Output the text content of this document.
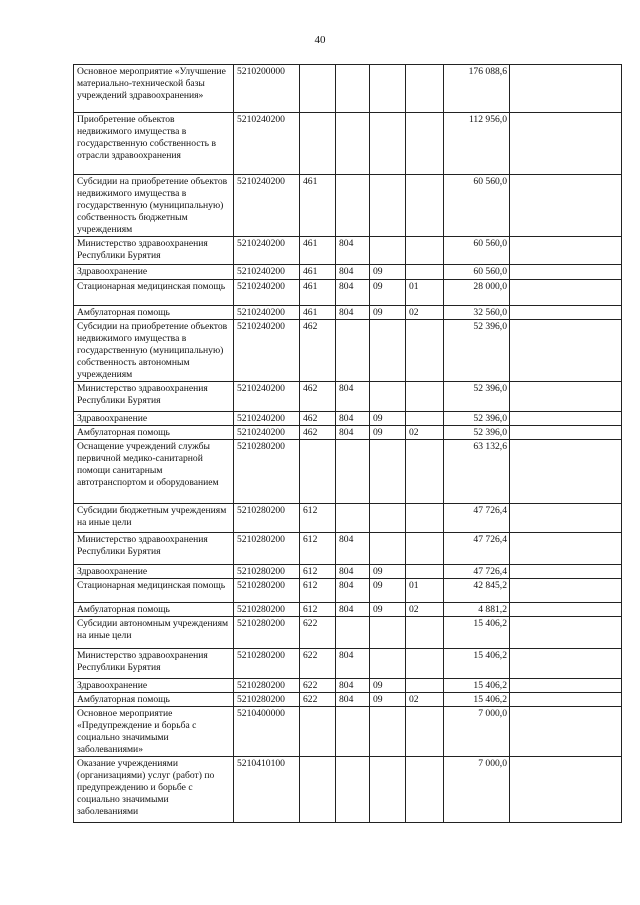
40
Основное мероприятие «Улучшение материально-технической базы учреждений здравоохранения»	5210200000					176 088,6	
Приобретение объектов недвижимого имущества в государственную собственность в отрасли здравоохранения	5210240200					112 956,0	
Субсидии на приобретение объектов недвижимого имущества в государственную (муниципальную) собственность бюджетным учреждениям	5210240200	461				60 560,0	
Министерство здравоохранения Республики Бурятия	5210240200	461	804			60 560,0	
Здравоохранение	5210240200	461	804	09		60 560,0	
Стационарная медицинская помощь	5210240200	461	804	09	01	28 000,0	
Амбулаторная помощь	5210240200	461	804	09	02	32 560,0	
Субсидии на приобретение объектов недвижимого имущества в государственную (муниципальную) собственность автономным учреждениям	5210240200	462				52 396,0	
Министерство здравоохранения Республики Бурятия	5210240200	462	804			52 396,0	
Здравоохранение	5210240200	462	804	09		52 396,0	
Амбулаторная помощь	5210240200	462	804	09	02	52 396,0	
Оснащение учреждений службы первичной медико-санитарной помощи санитарным автотранспортом и оборудованием	5210280200					63 132,6	
Субсидии бюджетным учреждениям на иные цели	5210280200	612				47 726,4	
Министерство здравоохранения Республики Бурятия	5210280200	612	804			47 726,4	
Здравоохранение	5210280200	612	804	09		47 726,4	
Стационарная медицинская помощь	5210280200	612	804	09	01	42 845,2	
Амбулаторная помощь	5210280200	612	804	09	02	4 881,2	
Субсидии автономным учреждениям на иные цели	5210280200	622				15 406,2	
Министерство здравоохранения Республики Бурятия	5210280200	622	804			15 406,2	
Здравоохранение	5210280200	622	804	09		15 406,2	
Амбулаторная помощь	5210280200	622	804	09	02	15 406,2	
Основное мероприятие «Предупреждение и борьба с социально значимыми заболеваниями»	5210400000					7 000,0	
Оказание учреждениями (организациями) услуг (работ) по предупреждению и борьбе с социально значимыми заболеваниями	5210410100					7 000,0	
